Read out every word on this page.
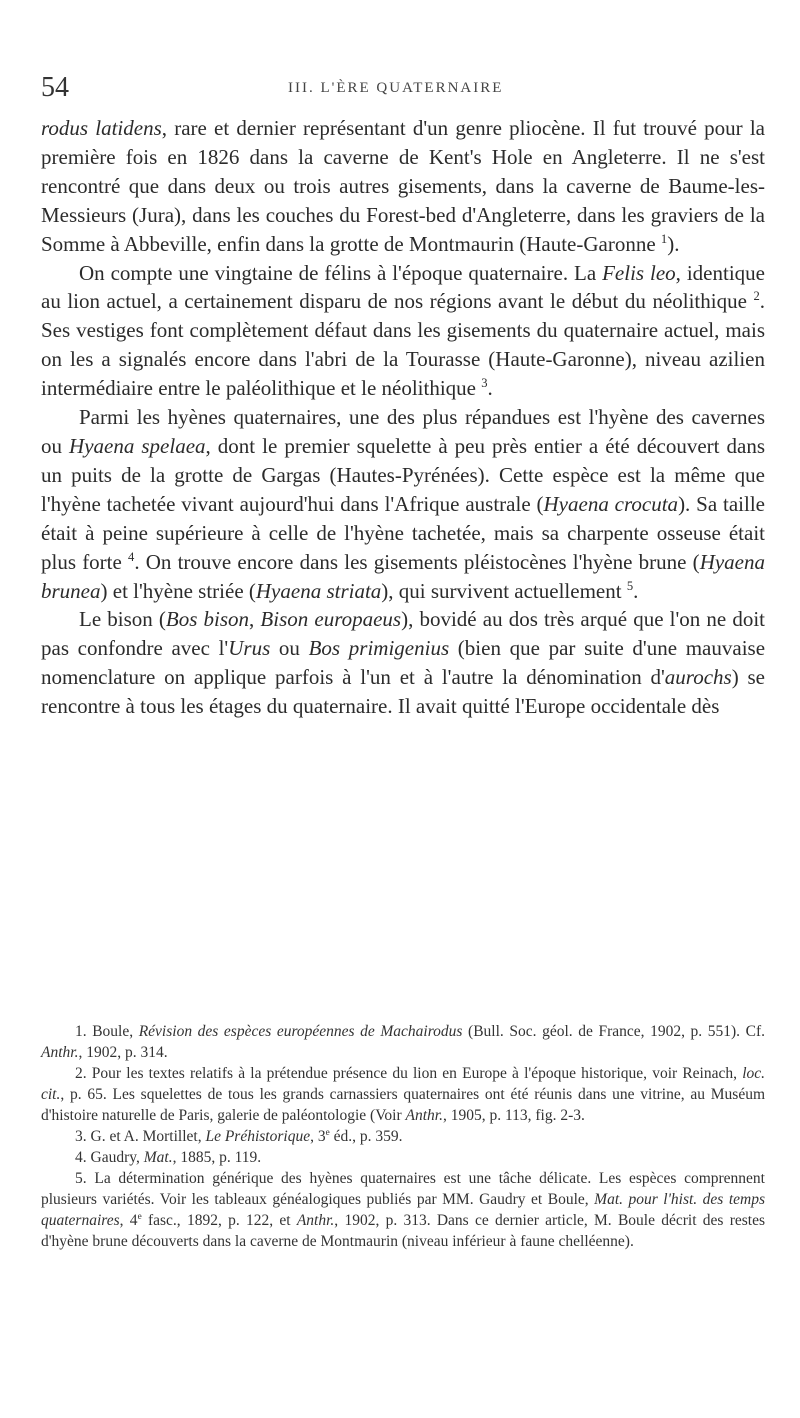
54	III. L'ÈRE QUATERNAIRE

rodus latidens, rare et dernier représentant d'un genre pliocène. Il fut trouvé pour la première fois en 1826 dans la caverne de Kent's Hole en Angleterre. Il ne s'est rencontré que dans deux ou trois autres gisements, dans la caverne de Baume-les-Messieurs (Jura), dans les couches du Forest-bed d'Angleterre, dans les graviers de la Somme à Abbeville, enfin dans la grotte de Montmaurin (Haute-Garonne $^1$).

On compte une vingtaine de félins à l'époque quaternaire. La Felis leo, identique au lion actuel, a certainement disparu de nos régions avant le début du néolithique $^2$. Ses vestiges font complètement défaut dans les gisements du quaternaire actuel, mais on les a signalés encore dans l'abri de la Tourasse (Haute-Garonne), niveau azilien intermédiaire entre le paléolithique et le néolithique $^3$.

Parmi les hyènes quaternaires, une des plus répandues est l'hyène des cavernes ou Hyaena spelaea, dont le premier squelette à peu près entier a été découvert dans un puits de la grotte de Gargas (Hautes-Pyrénées). Cette espèce est la même que l'hyène tachetée vivant aujourd'hui dans l'Afrique australe (Hyaena crocuta). Sa taille était à peine supérieure à celle de l'hyène tachetée, mais sa charpente osseuse était plus forte $^4$. On trouve encore dans les gisements pléistocènes l'hyène brune (Hyaena brunea) et l'hyène striée (Hyaena striata), qui survivent actuellement $^5$.

Le bison (Bos bison, Bison europaeus), bovidé au dos très arqué que l'on ne doit pas confondre avec l'Urus ou Bos primigenius (bien que par suite d'une mauvaise nomenclature on applique parfois à l'un et à l'autre la dénomination d'aurochs) se rencontre à tous les étages du quaternaire. Il avait quitté l'Europe occidentale dès

1. Boule, Révision des espèces européennes de Machairodus (Bull. Soc. géol. de France, 1902, p. 551). Cf. Anthr., 1902, p. 314.

2. Pour les textes relatifs à la prétendue présence du lion en Europe à l'époque historique, voir Reinach, loc. cit., p. 65. Les squelettes de tous les grands carnassiers quaternaires ont été réunis dans une vitrine, au Muséum d'histoire naturelle de Paris, galerie de paléontologie (Voir Anthr., 1905, p. 113, fig. 2-3.

3. G. et A. Mortillet, Le Préhistorique, 3e éd., p. 359.

4. Gaudry, Mat., 1885, p. 119.

5. La détermination générique des hyènes quaternaires est une tâche délicate. Les espèces comprennent plusieurs variétés. Voir les tableaux généalogiques publiés par MM. Gaudry et Boule, Mat. pour l'hist. des temps quaternaires, 4e fasc., 1892, p. 122, et Anthr., 1902, p. 313. Dans ce dernier article, M. Boule décrit des restes d'hyène brune découverts dans la caverne de Montmaurin (niveau inférieur à faune chelléenne).
